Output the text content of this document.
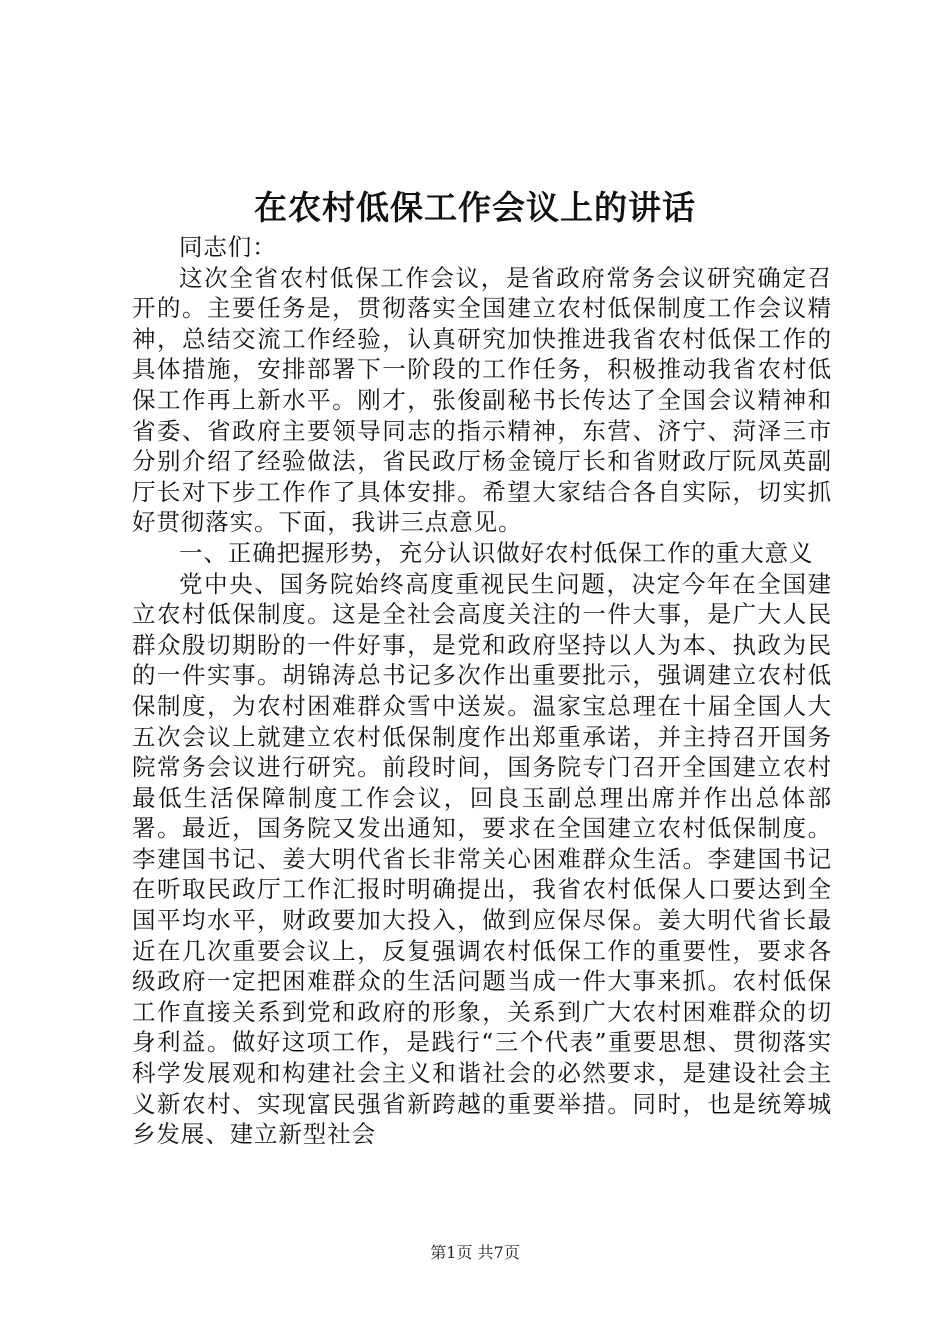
在农村低保工作会议上的讲话

同志们：

这次全省农村低保工作会议，是省政府常务会议研究确定召开的。主要任务是，贯彻落实全国建立农村低保制度工作会议精神，总结交流工作经验，认真研究加快推进我省农村低保工作的具体措施，安排部署下一阶段的工作任务，积极推动我省农村低保工作再上新水平。刚才，张俊副秘书长传达了全国会议精神和省委、省政府主要领导同志的指示精神，东营、济宁、菏泽三市分别介绍了经验做法，省民政厅杨金镜厅长和省财政厅阮凤英副厅长对下步工作作了具体安排。希望大家结合各自实际，切实抓好贯彻落实。下面，我讲三点意见。

一、正确把握形势，充分认识做好农村低保工作的重大意义

党中央、国务院始终高度重视民生问题，决定今年在全国建立农村低保制度。这是全社会高度关注的一件大事，是广大人民群众殷切期盼的一件好事，是党和政府坚持以人为本、执政为民的一件实事。胡锦涛总书记多次作出重要批示，强调建立农村低保制度，为农村困难群众雪中送炭。温家宝总理在十届全国人大五次会议上就建立农村低保制度作出郑重承诺，并主持召开国务院常务会议进行研究。前段时间，国务院专门召开全国建立农村最低生活保障制度工作会议，回良玉副总理出席并作出总体部署。最近，国务院又发出通知，要求在全国建立农村低保制度。李建国书记、姜大明代省长非常关心困难群众生活。李建国书记在听取民政厅工作汇报时明确提出，我省农村低保人口要达到全国平均水平，财政要加大投入，做到应保尽保。姜大明代省长最近在几次重要会议上，反复强调农村低保工作的重要性，要求各级政府一定把困难群众的生活问题当成一件大事来抓。农村低保工作直接关系到党和政府的形象，关系到广大农村困难群众的切身利益。做好这项工作，是践行“三个代表”重要思想、贯彻落实科学发展观和构建社会主义和谐社会的必然要求，是建设社会主义新农村、实现富民强省新跨越的重要举措。同时，也是统筹城乡发展、建立新型社会

第1页 共7页
